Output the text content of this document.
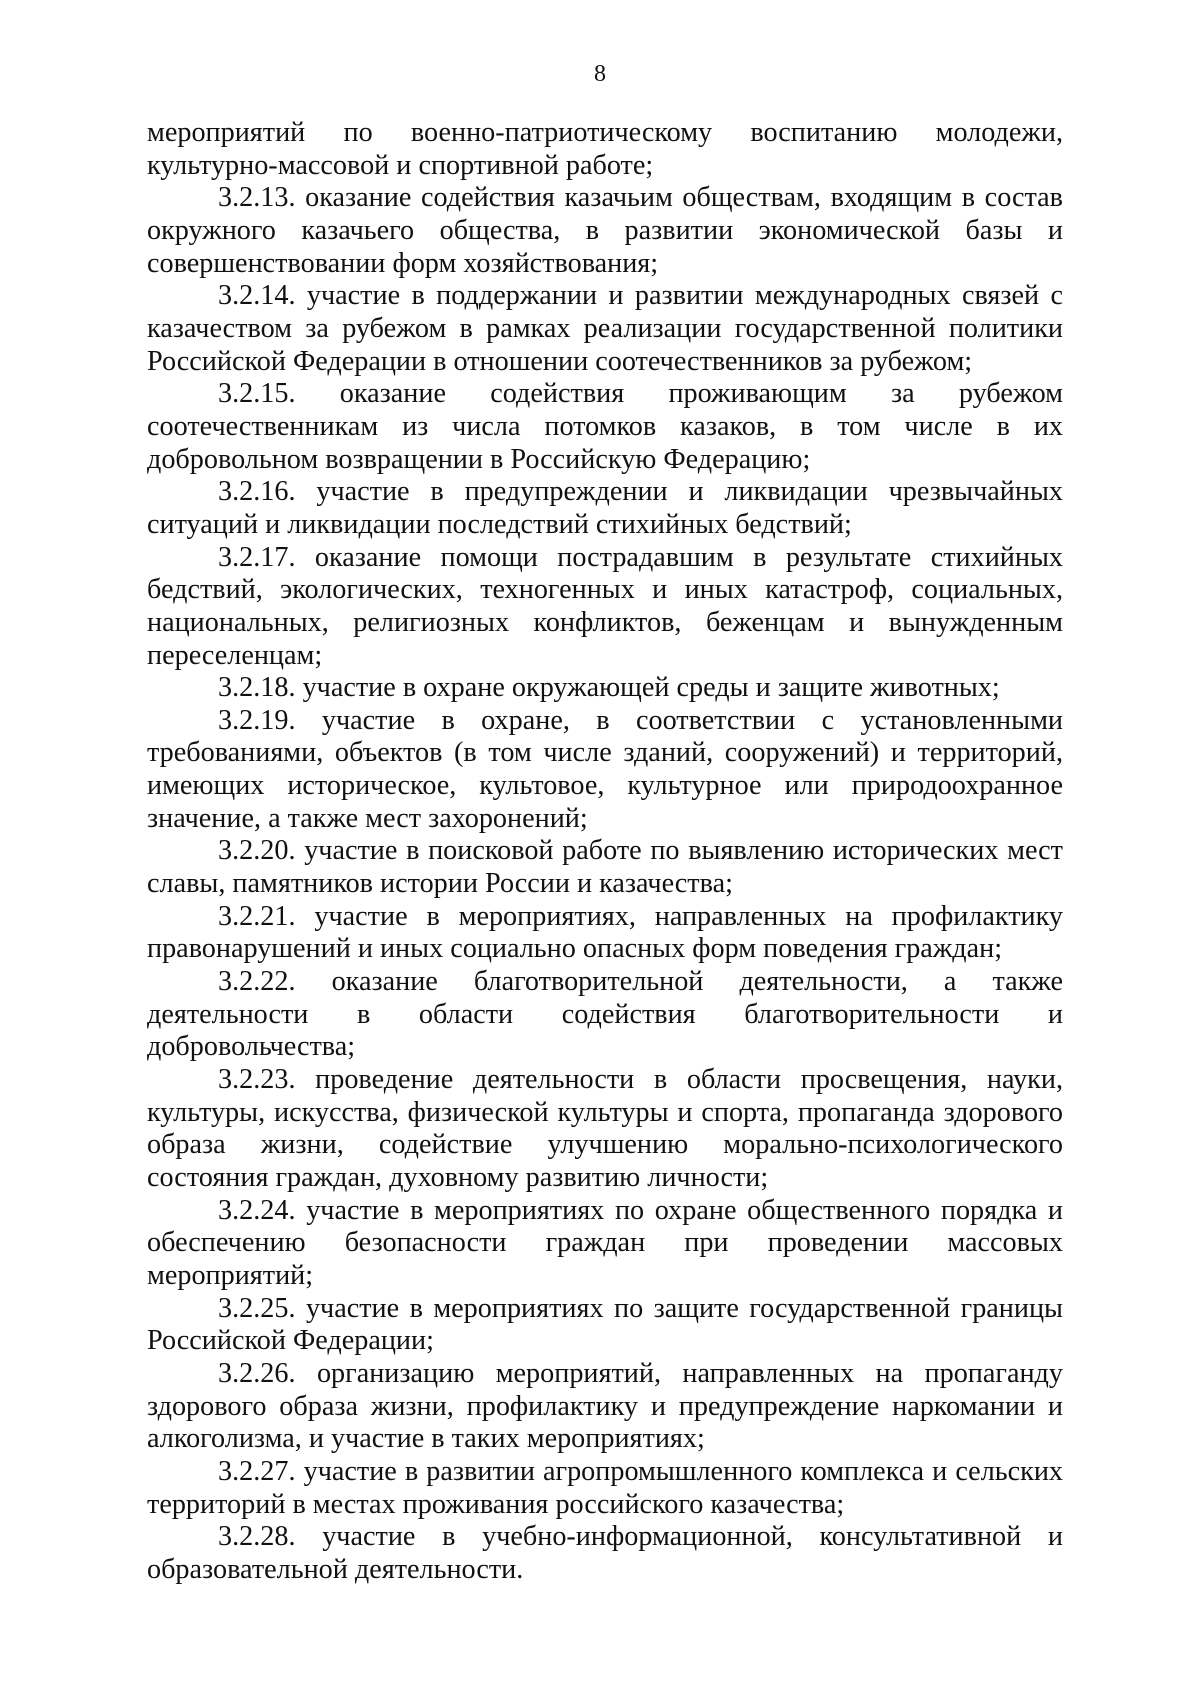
8

мероприятий по военно-патриотическому воспитанию молодежи, культурно-массовой и спортивной работе;

3.2.13. оказание содействия казачьим обществам, входящим в состав окружного казачьего общества, в развитии экономической базы и совершенствовании форм хозяйствования;

3.2.14. участие в поддержании и развитии международных связей с казачеством за рубежом в рамках реализации государственной политики Российской Федерации в отношении соотечественников за рубежом;

3.2.15. оказание содействия проживающим за рубежом соотечественникам из числа потомков казаков, в том числе в их добровольном возвращении в Российскую Федерацию;

3.2.16. участие в предупреждении и ликвидации чрезвычайных ситуаций и ликвидации последствий стихийных бедствий;

3.2.17. оказание помощи пострадавшим в результате стихийных бедствий, экологических, техногенных и иных катастроф, социальных, национальных, религиозных конфликтов, беженцам и вынужденным переселенцам;

3.2.18. участие в охране окружающей среды и защите животных;

3.2.19. участие в охране, в соответствии с установленными требованиями, объектов (в том числе зданий, сооружений) и территорий, имеющих историческое, культовое, культурное или природоохранное значение, а также мест захоронений;

3.2.20. участие в поисковой работе по выявлению исторических мест славы, памятников истории России и казачества;

3.2.21. участие в мероприятиях, направленных на профилактику правонарушений и иных социально опасных форм поведения граждан;

3.2.22. оказание благотворительной деятельности, а также деятельности в области содействия благотворительности и добровольчества;

3.2.23. проведение деятельности в области просвещения, науки, культуры, искусства, физической культуры и спорта, пропаганда здорового образа жизни, содействие улучшению морально-психологического состояния граждан, духовному развитию личности;

3.2.24. участие в мероприятиях по охране общественного порядка и обеспечению безопасности граждан при проведении массовых мероприятий;

3.2.25. участие в мероприятиях по защите государственной границы Российской Федерации;

3.2.26. организацию мероприятий, направленных на пропаганду здорового образа жизни, профилактику и предупреждение наркомании и алкоголизма, и участие в таких мероприятиях;

3.2.27. участие в развитии агропромышленного комплекса и сельских территорий в местах проживания российского казачества;

3.2.28. участие в учебно-информационной, консультативной и образовательной деятельности.
